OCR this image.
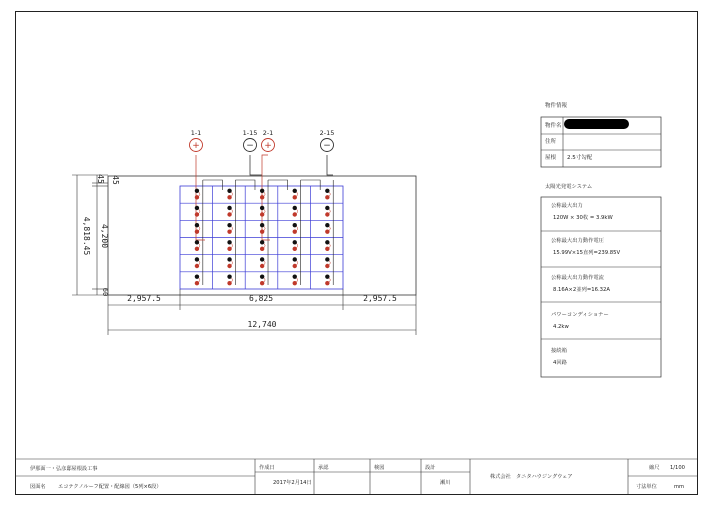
1-1
+
1-15
−
2-1
+
2-15
−
45 45
4,818.45 4,200
60
2,957.5	6,825	2,957.5
12,740
物件情報
物件名
住所
屋根 2.5寸勾配
太陽光発電システム
公称最大出力
120W × 30枚 = 3.9kW
公称最大出力動作電圧
15.99V×15直列=239.85V
公称最大出力動作電流
8.16A×2並列=16.32A
パワーコンディショナー
4.2kw
接続箱
4回路
伊那面一・弘彦邸屋根設工事
図面名 エコテクノルーフ配置・配線図（5列×6段）
作成日
2017年2月14日
承認	検図	設計
瀬川
株式会社　タニタハウジングウェア
縮尺 1/100
寸法単位	mm
